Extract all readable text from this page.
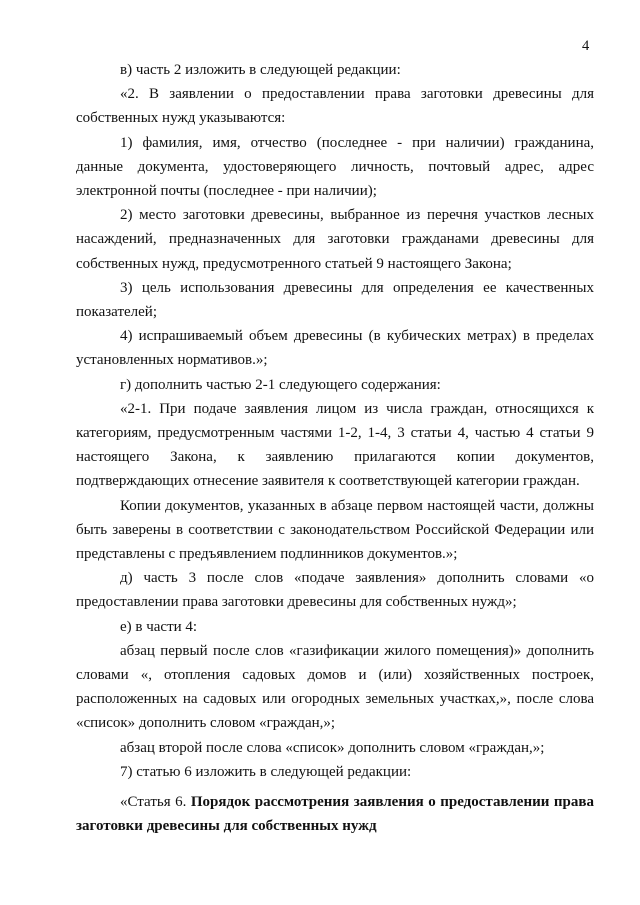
4

в) часть 2 изложить в следующей редакции:

«2. В заявлении о предоставлении права заготовки древесины для собственных нужд указываются:

1) фамилия, имя, отчество (последнее - при наличии) гражданина, данные документа, удостоверяющего личность, почтовый адрес, адрес электронной почты (последнее - при наличии);

2) место заготовки древесины, выбранное из перечня участков лесных насаждений, предназначенных для заготовки гражданами древесины для собственных нужд, предусмотренного статьей 9 настоящего Закона;

3) цель использования древесины для определения ее качественных показателей;

4) испрашиваемый объем древесины (в кубических метрах) в пределах установленных нормативов.»;

г) дополнить частью 2-1 следующего содержания:

«2-1. При подаче заявления лицом из числа граждан, относящихся к категориям, предусмотренным частями 1-2, 1-4, 3 статьи 4, частью 4 статьи 9 настоящего Закона, к заявлению прилагаются копии документов, подтверждающих отнесение заявителя к соответствующей категории граждан.

Копии документов, указанных в абзаце первом настоящей части, должны быть заверены в соответствии с законодательством Российской Федерации или представлены с предъявлением подлинников документов.»;

д) часть 3 после слов «подаче заявления» дополнить словами «о предоставлении права заготовки древесины для собственных нужд»;

е) в части 4:

абзац первый после слов «газификации жилого помещения)» дополнить словами «, отопления садовых домов и (или) хозяйственных построек, расположенных на садовых или огородных земельных участках,», после слова «список» дополнить словом «граждан,»;

абзац второй после слова «список» дополнить словом «граждан,»;

7) статью 6 изложить в следующей редакции:

«Статья 6. Порядок рассмотрения заявления о предоставлении права заготовки древесины для собственных нужд
